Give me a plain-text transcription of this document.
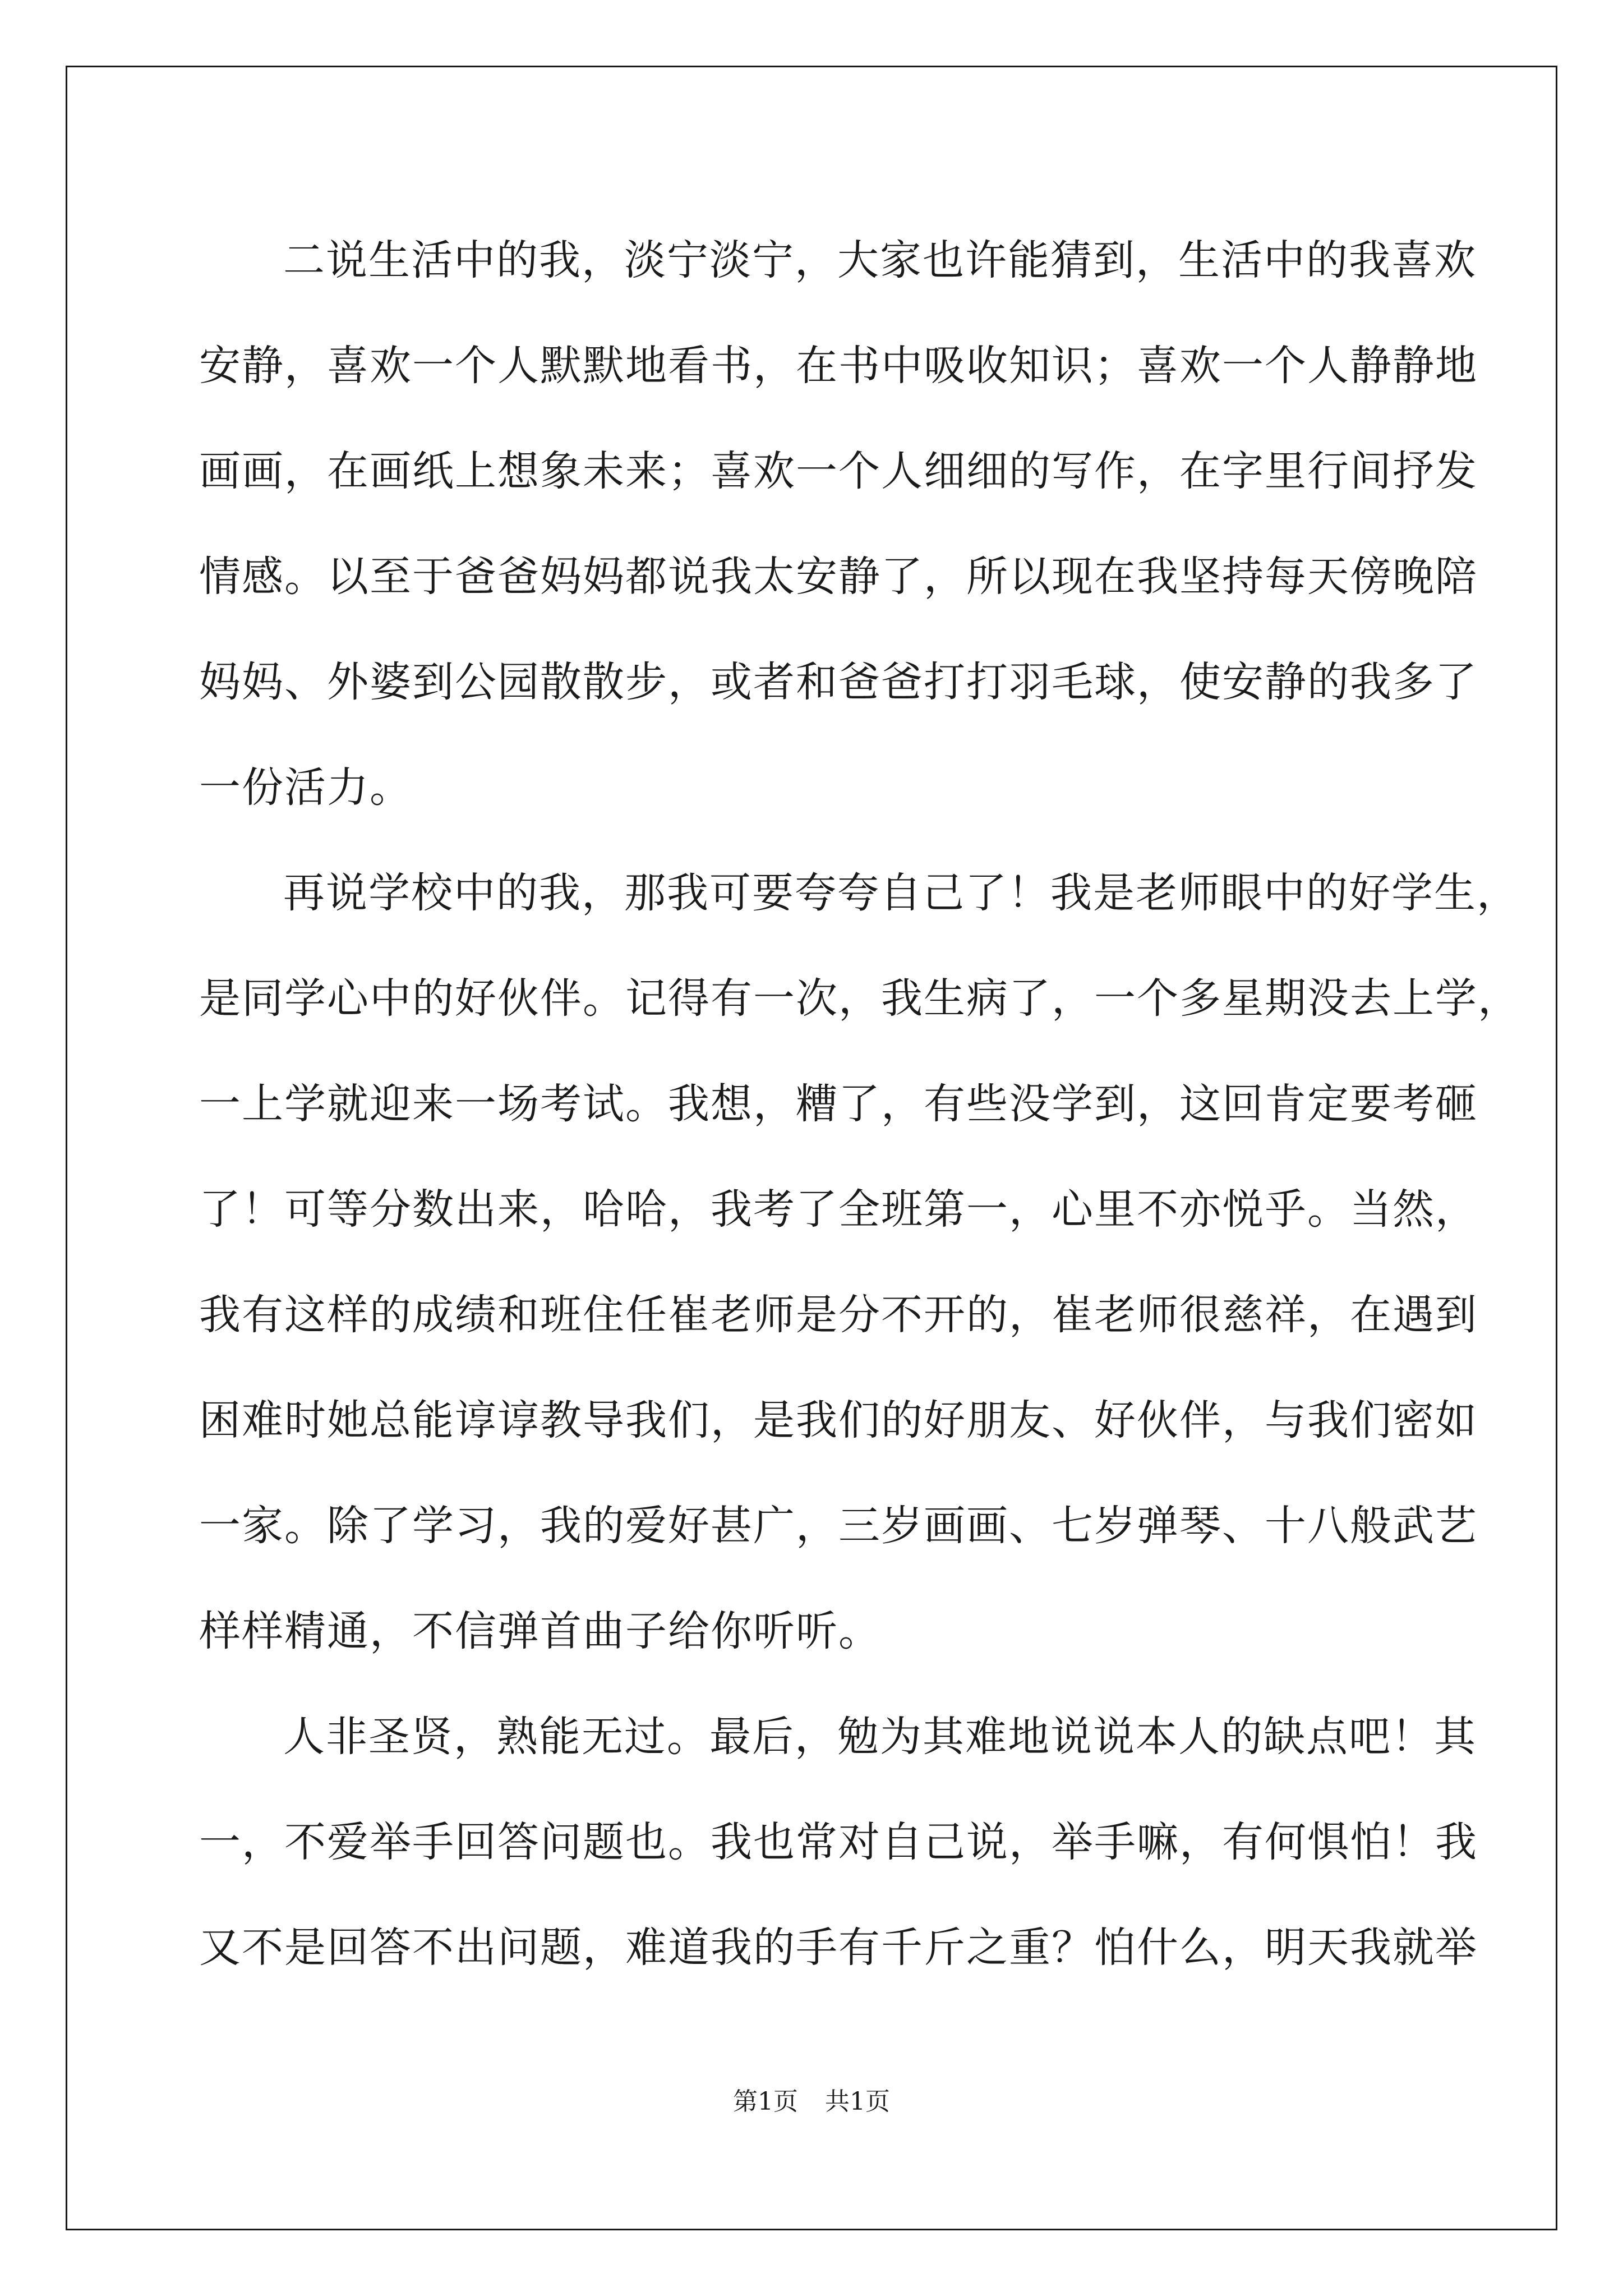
二说生活中的我，淡宁淡宁，大家也许能猜到，生活中的我喜欢
安静，喜欢一个人默默地看书，在书中吸收知识；喜欢一个人静静地
画画，在画纸上想象未来；喜欢一个人细细的写作，在字里行间抒发
情感。以至于爸爸妈妈都说我太安静了，所以现在我坚持每天傍晚陪
妈妈、外婆到公园散散步，或者和爸爸打打羽毛球，使安静的我多了
一份活力。
再说学校中的我，那我可要夸夸自己了！我是老师眼中的好学生，
是同学心中的好伙伴。记得有一次，我生病了，一个多星期没去上学，
一上学就迎来一场考试。我想，糟了，有些没学到，这回肯定要考砸
了！可等分数出来，哈哈，我考了全班第一，心里不亦悦乎。当然，
我有这样的成绩和班住任崔老师是分不开的，崔老师很慈祥，在遇到
困难时她总能谆谆教导我们，是我们的好朋友、好伙伴，与我们密如
一家。除了学习，我的爱好甚广，三岁画画、七岁弹琴、十八般武艺
样样精通，不信弹首曲子给你听听。
人非圣贤，熟能无过。最后，勉为其难地说说本人的缺点吧！其
一，不爱举手回答问题也。我也常对自己说，举手嘛，有何惧怕！我
又不是回答不出问题，难道我的手有千斤之重？怕什么，明天我就举
第1页 共1页
